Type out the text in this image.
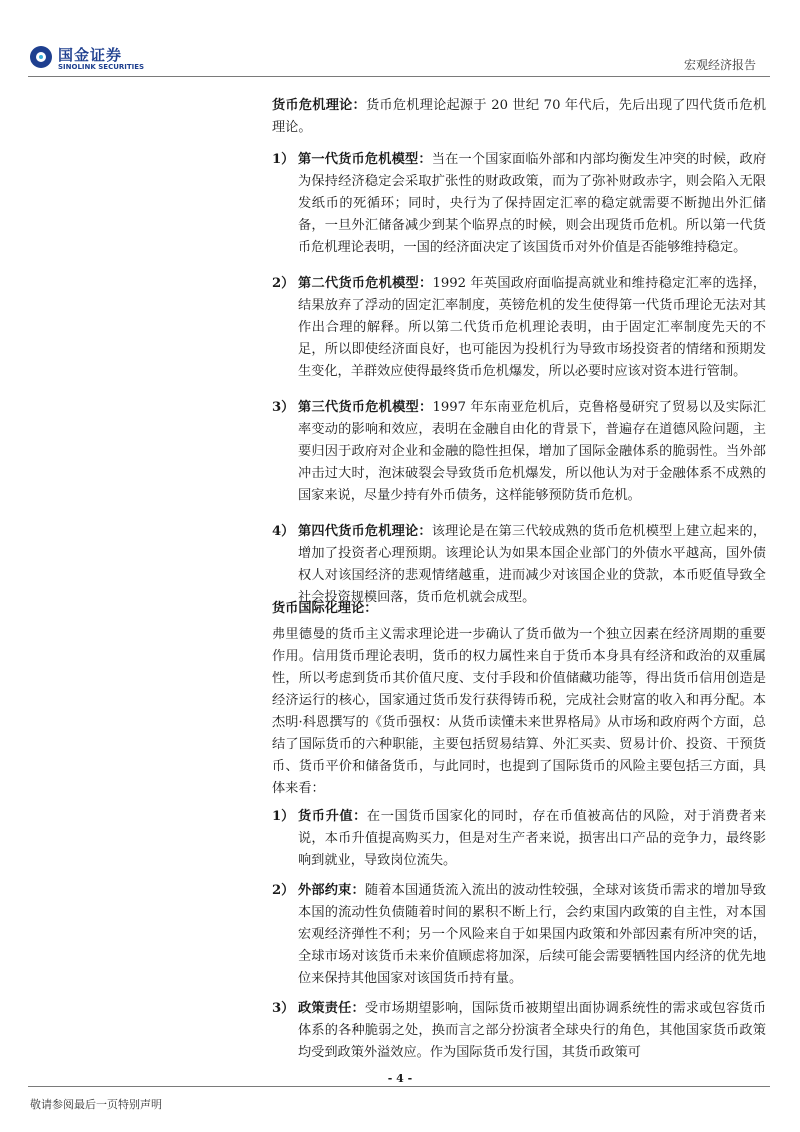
国金证券
SINOLINK SECURITIES	宏观经济报告

货币危机理论：货币危机理论起源于 20 世纪 70 年代后，先后出现了四代货币危机理论。

1） 第一代货币危机模型：当在一个国家面临外部和内部均衡发生冲突的时候，政府为保持经济稳定会采取扩张性的财政政策，而为了弥补财政赤字，则会陷入无限发纸币的死循环；同时，央行为了保持固定汇率的稳定就需要不断抛出外汇储备，一旦外汇储备减少到某个临界点的时候，则会出现货币危机。所以第一代货币危机理论表明，一国的经济面决定了该国货币对外价值是否能够维持稳定。
2） 第二代货币危机模型：1992 年英国政府面临提高就业和维持稳定汇率的选择，结果放弃了浮动的固定汇率制度，英镑危机的发生使得第一代货币理论无法对其作出合理的解释。所以第二代货币危机理论表明，由于固定汇率制度先天的不足，所以即使经济面良好，也可能因为投机行为导致市场投资者的情绪和预期发生变化，羊群效应使得最终货币危机爆发，所以必要时应该对资本进行管制。
3） 第三代货币危机模型：1997 年东南亚危机后，克鲁格曼研究了贸易以及实际汇率变动的影响和效应，表明在金融自由化的背景下，普遍存在道德风险问题，主要归因于政府对企业和金融的隐性担保，增加了国际金融体系的脆弱性。当外部冲击过大时，泡沫破裂会导致货币危机爆发，所以他认为对于金融体系不成熟的国家来说，尽量少持有外币债务，这样能够预防货币危机。
4） 第四代货币危机理论：该理论是在第三代较成熟的货币危机模型上建立起来的，增加了投资者心理预期。该理论认为如果本国企业部门的外债水平越高，国外债权人对该国经济的悲观情绪越重，进而减少对该国企业的贷款，本币贬值导致全社会投资规模回落，货币危机就会成型。

货币国际化理论：

弗里德曼的货币主义需求理论进一步确认了货币做为一个独立因素在经济周期的重要作用。信用货币理论表明，货币的权力属性来自于货币本身具有经济和政治的双重属性，所以考虑到货币其价值尺度、支付手段和价值储藏功能等，得出货币信用创造是经济运行的核心，国家通过货币发行获得铸币税，完成社会财富的收入和再分配。本杰明·科恩撰写的《货币强权：从货币读懂未来世界格局》从市场和政府两个方面，总结了国际货币的六种职能，主要包括贸易结算、外汇买卖、贸易计价、投资、干预货币、货币平价和储备货币，与此同时，也提到了国际货币的风险主要包括三方面，具体来看：

1） 货币升值：在一国货币国家化的同时，存在币值被高估的风险，对于消费者来说，本币升值提高购买力，但是对生产者来说，损害出口产品的竞争力，最终影响到就业，导致岗位流失。
2） 外部约束：随着本国通货流入流出的波动性较强，全球对该货币需求的增加导致本国的流动性负债随着时间的累积不断上行，会约束国内政策的自主性，对本国宏观经济弹性不利；另一个风险来自于如果国内政策和外部因素有所冲突的话，全球市场对该货币未来价值顾虑将加深，后续可能会需要牺牲国内经济的优先地位来保持其他国家对该国货币持有量。
3） 政策责任：受市场期望影响，国际货币被期望出面协调系统性的需求或包容货币体系的各种脆弱之处，换而言之部分扮演者全球央行的角色，其他国家货币政策均受到政策外溢效应。作为国际货币发行国，其货币政策可
- 4 -
敬请参阅最后一页特别声明
